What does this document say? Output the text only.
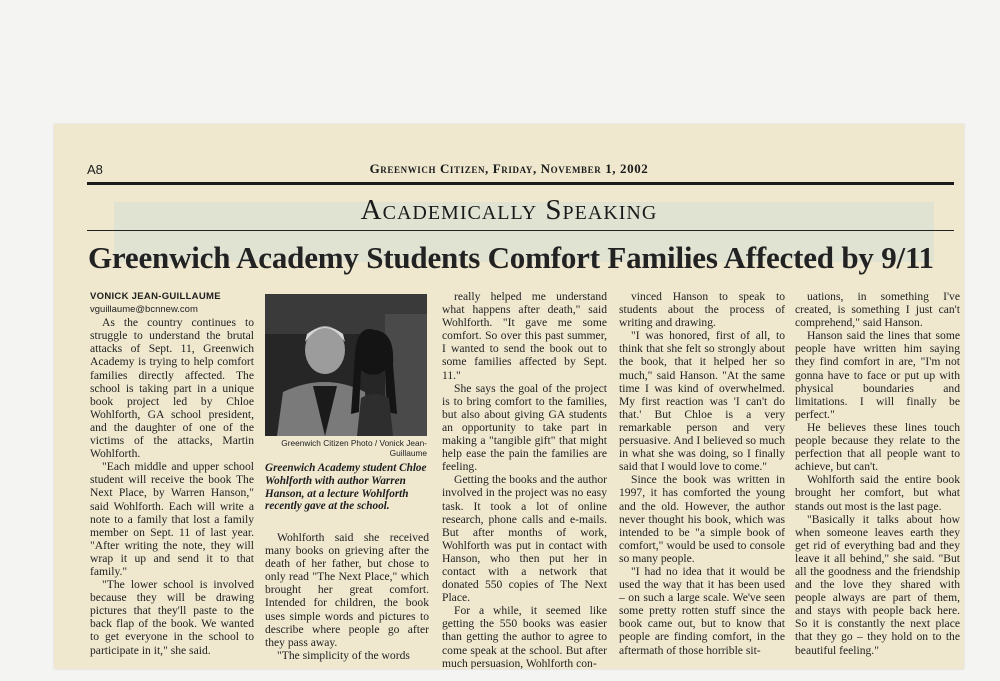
A8	Greenwich Citizen, Friday, November 1, 2002
Academically Speaking
Greenwich Academy Students Comfort Families Affected by 9/11

VONICK JEAN-GUILLAUME

vguillaume@bcnnew.com

As the country continues to struggle to understand the brutal attacks of Sept. 11, Greenwich Academy is trying to help comfort families directly affected. The school is taking part in a unique book project led by Chloe Wohlforth, GA school president, and the daughter of one of the victims of the attacks, Martin Wohlforth.

"Each middle and upper school student will receive the book The Next Place, by Warren Hanson," said Wohlforth. Each will write a note to a family that lost a family member on Sept. 11 of last year. "After writing the note, they will wrap it up and send it to that family."

"The lower school is involved because they will be drawing pictures that they'll paste to the back flap of the book. We wanted to get everyone in the school to participate in it," she said.

Greenwich Citizen Photo / Vonick Jean-Guillaume
Greenwich Academy student Chloe Wohlforth with author Warren Hanson, at a lecture Wohlforth recently gave at the school.

Wohlforth said she received many books on grieving after the death of her father, but chose to only read "The Next Place," which brought her great comfort. Intended for children, the book uses simple words and pictures to describe where people go after they pass away.

"The simplicity of the words

really helped me understand what happens after death," said Wohlforth. "It gave me some comfort. So over this past summer, I wanted to send the book out to some families affected by Sept. 11."

She says the goal of the project is to bring comfort to the families, but also about giving GA students an opportunity to take part in making a "tangible gift" that might help ease the pain the families are feeling.

Getting the books and the author involved in the project was no easy task. It took a lot of online research, phone calls and e-mails. But after months of work, Wohlforth was put in contact with Hanson, who then put her in contact with a network that donated 550 copies of The Next Place.

For a while, it seemed like getting the 550 books was easier than getting the author to agree to come speak at the school. But after much persuasion, Wohlforth con-

vinced Hanson to speak to students about the process of writing and drawing.

"I was honored, first of all, to think that she felt so strongly about the book, that it helped her so much," said Hanson. "At the same time I was kind of overwhelmed. My first reaction was 'I can't do that.' But Chloe is a very remarkable person and very persuasive. And I believed so much in what she was doing, so I finally said that I would love to come."

Since the book was written in 1997, it has comforted the young and the old. However, the author never thought his book, which was intended to be "a simple book of comfort," would be used to console so many people.

"I had no idea that it would be used the way that it has been used – on such a large scale. We've seen some pretty rotten stuff since the book came out, but to know that people are finding comfort, in the aftermath of those horrible sit-

uations, in something I've created, is something I just can't comprehend," said Hanson.

Hanson said the lines that some people have written him saying they find comfort in are, "I'm not gonna have to face or put up with physical boundaries and limitations. I will finally be perfect."

He believes these lines touch people because they relate to the perfection that all people want to achieve, but can't.

Wohlforth said the entire book brought her comfort, but what stands out most is the last page.

"Basically it talks about how when someone leaves earth they get rid of everything bad and they leave it all behind," she said. "But all the goodness and the friendship and the love they shared with people always are part of them, and stays with people back here. So it is constantly the next place that they go – they hold on to the beautiful feeling."
